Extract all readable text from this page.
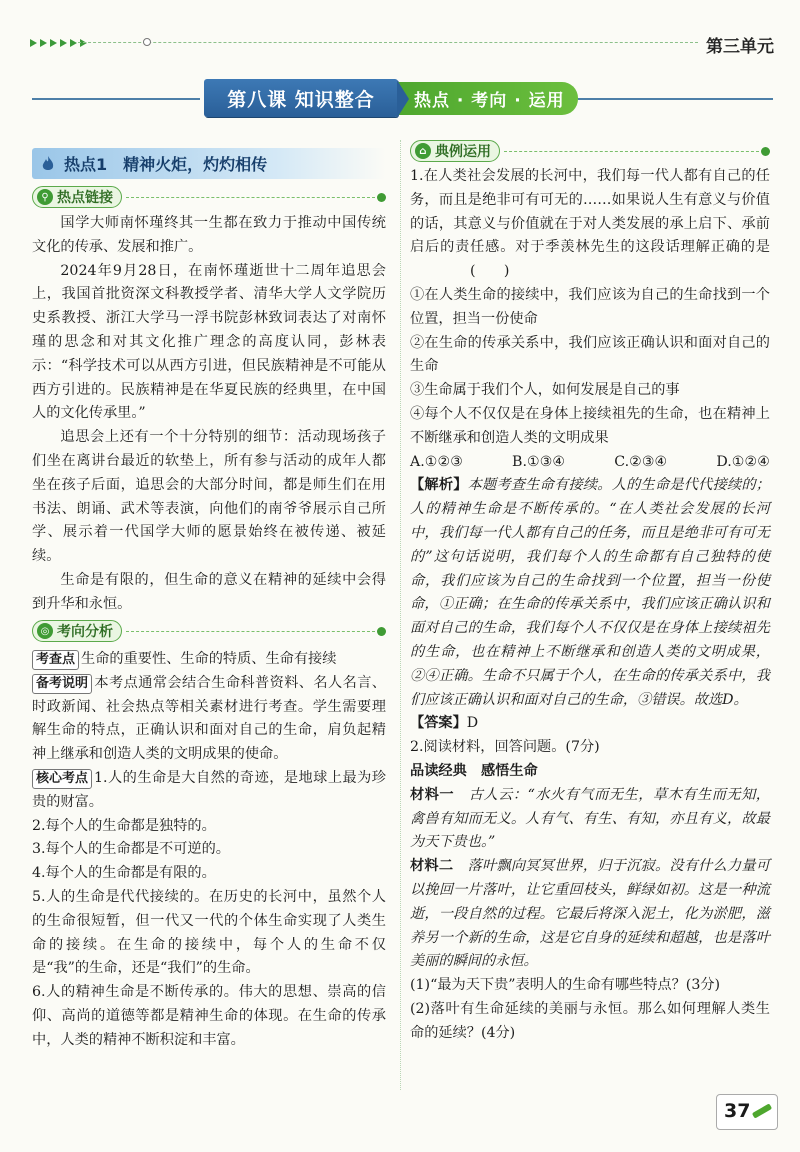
第三单元
第八课 知识整合	热点 · 考向 · 运用
热点1　精神火炬，灼灼相传
⚲ 热点链接

国学大师南怀瑾终其一生都在致力于推动中国传统文化的传承、发展和推广。

2024年9月28日，在南怀瑾逝世十二周年追思会上，我国首批资深文科教授学者、清华大学人文学院历史系教授、浙江大学马一浮书院彭林致词表达了对南怀瑾的思念和对其文化推广理念的高度认同，彭林表示：“科学技术可以从西方引进，但民族精神是不可能从西方引进的。民族精神是在华夏民族的经典里，在中国人的文化传承里。”

追思会上还有一个十分特别的细节：活动现场孩子们坐在离讲台最近的软垫上，所有参与活动的成年人都坐在孩子后面，追思会的大部分时间，都是师生们在用书法、朗诵、武术等表演，向他们的南爷爷展示自己所学、展示着一代国学大师的愿景始终在被传递、被延续。

生命是有限的，但生命的意义在精神的延续中会得到升华和永恒。

◎ 考向分析

考查点 生命的重要性、生命的特质、生命有接续

备考说明 本考点通常会结合生命科普资料、名人名言、时政新闻、社会热点等相关素材进行考查。学生需要理解生命的特点，正确认识和面对自己的生命，肩负起精神上继承和创造人类的文明成果的使命。

核心考点 1.人的生命是大自然的奇迹，是地球上最为珍贵的财富。

2.每个人的生命都是独特的。

3.每个人的生命都是不可逆的。

4.每个人的生命都是有限的。

5.人的生命是代代接续的。在历史的长河中，虽然个人的生命很短暂，但一代又一代的个体生命实现了人类生命的接续。在生命的接续中，每个人的生命不仅是“我”的生命，还是“我们”的生命。

6.人的精神生命是不断传承的。伟大的思想、崇高的信仰、高尚的道德等都是精神生命的体现。在生命的传承中，人类的精神不断积淀和丰富。

⌂ 典例运用

1.在人类社会发展的长河中，我们每一代人都有自己的任务，而且是绝非可有可无的……如果说人生有意义与价值的话，其意义与价值就在于对人类发展的承上启下、承前启后的责任感。对于季羡林先生的这段话理解正确的是(　　)

①在人类生命的接续中，我们应该为自己的生命找到一个位置，担当一份使命

②在生命的传承关系中，我们应该正确认识和面对自己的生命

③生命属于我们个人，如何发展是自己的事

④每个人不仅仅是在身体上接续祖先的生命，也在精神上不断继承和创造人类的文明成果

A.①②③	B.①③④	C.②③④	D.①②④

【解析】本题考查生命有接续。人的生命是代代接续的；人的精神生命是不断传承的。“在人类社会发展的长河中，我们每一代人都有自己的任务，而且是绝非可有可无的”这句话说明，我们每个人的生命都有自己独特的使命，我们应该为自己的生命找到一个位置，担当一份使命，①正确；在生命的传承关系中，我们应该正确认识和面对自己的生命，我们每个人不仅仅是在身体上接续祖先的生命，也在精神上不断继承和创造人类的文明成果，②④正确。生命不只属于个人，在生命的传承关系中，我们应该正确认识和面对自己的生命，③错误。故选D。

【答案】D

2.阅读材料，回答问题。(7分)

品读经典　感悟生命

材料一　 古人云：“水火有气而无生，草木有生而无知，禽兽有知而无义。人有气、有生、有知，亦且有义，故最为天下贵也。”

材料二　 落叶飘向冥冥世界，归于沉寂。没有什么力量可以挽回一片落叶，让它重回枝头，鲜绿如初。这是一种流逝，一段自然的过程。它最后将深入泥土，化为淤肥，滋养另一个新的生命，这是它自身的延续和超越，也是落叶美丽的瞬间的永恒。

(1)“最为天下贵”表明人的生命有哪些特点？(3分)

(2)落叶有生命延续的美丽与永恒。那么如何理解人类生命的延续？(4分)

37
